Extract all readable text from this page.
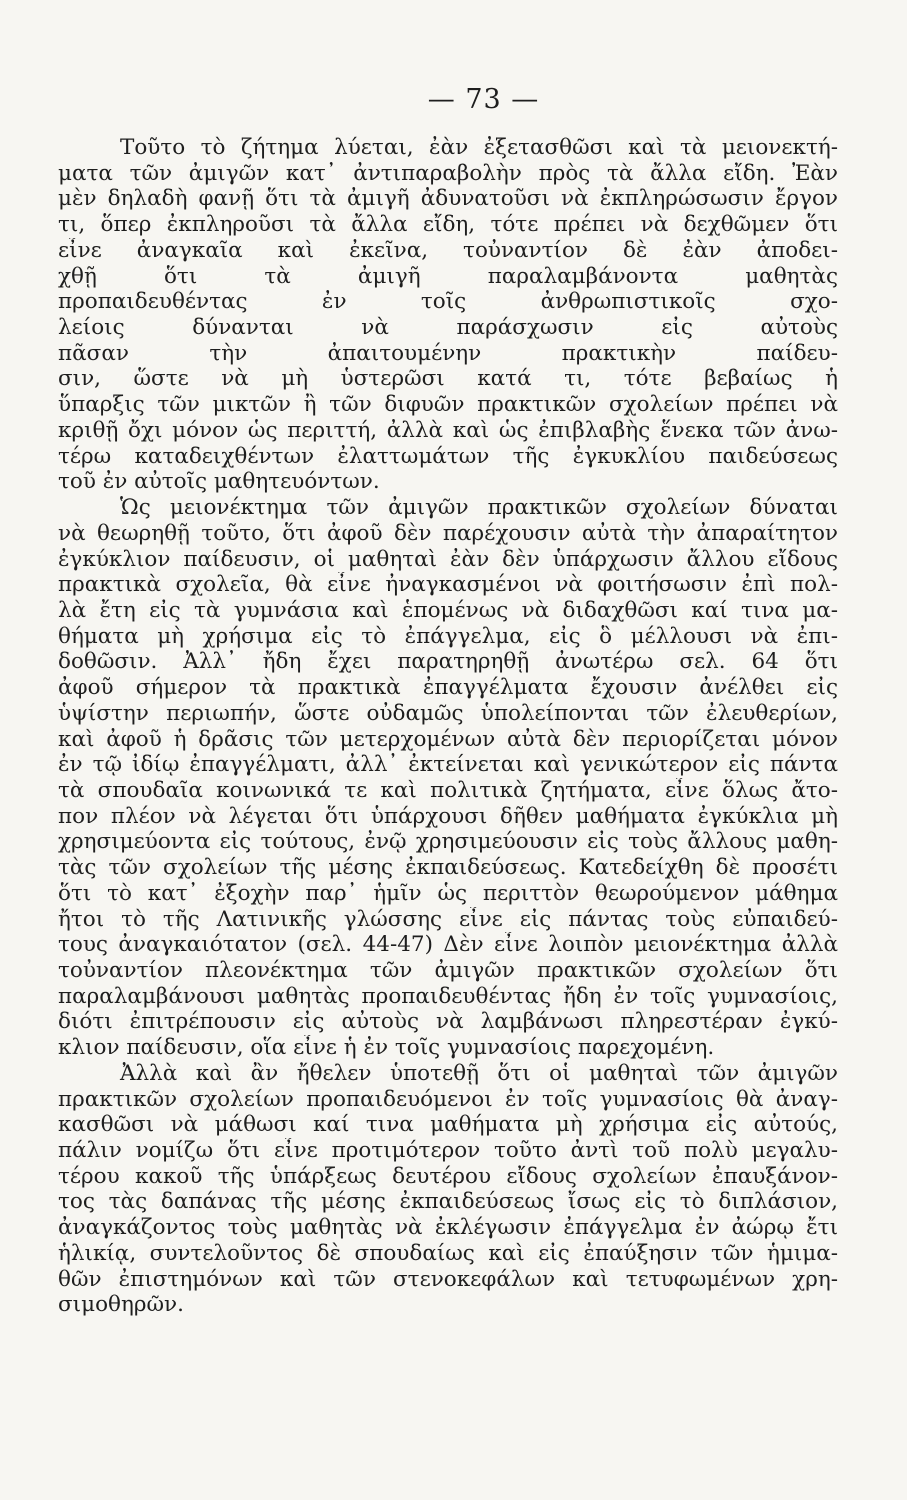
— 73 —
Τοῦτο τὸ ζήτημα λύεται, ἐὰν ἐξετασθῶσι καὶ τὰ μειονεκτή-
ματα τῶν ἀμιγῶν κατ᾽ ἀντιπαραβολὴν πρὸς τὰ ἄλλα εἴδη. Ἐὰν
μὲν δηλαδὴ φανῇ ὅτι τὰ ἀμιγῆ ἀδυνατοῦσι νὰ ἐκπληρώσωσιν ἔργον
τι, ὅπερ ἐκπληροῦσι τὰ ἄλλα εἴδη, τότε πρέπει νὰ δεχθῶμεν ὅτι
εἶνε ἀναγκαῖα καὶ ἐκεῖνα, τοὐναντίον δὲ ἐὰν ἀποδει-
χθῇ ὅτι τὰ ἀμιγῆ παραλαμβάνοντα μαθητὰς
προπαιδευθέντας ἐν τοῖς ἀνθρωπιστικοῖς σχο-
λείοις δύνανται νὰ παράσχωσιν εἰς αὐτοὺς
πᾶσαν τὴν ἀπαιτουμένην πρακτικὴν παίδευ-
σιν, ὥστε νὰ μὴ ὑστερῶσι κατά τι, τότε βεβαίως ἡ
ὕπαρξις τῶν μικτῶν ἢ τῶν διφυῶν πρακτικῶν σχολείων πρέπει νὰ
κριθῇ ὄχι μόνον ὡς περιττή, ἀλλὰ καὶ ὡς ἐπιβλαβὴς ἕνεκα τῶν ἀνω-
τέρω καταδειχθέντων ἐλαττωμάτων τῆς ἐγκυκλίου παιδεύσεως
τοῦ ἐν αὐτοῖς μαθητευόντων.
Ὡς μειονέκτημα τῶν ἀμιγῶν πρακτικῶν σχολείων δύναται
νὰ θεωρηθῇ τοῦτο, ὅτι ἀφοῦ δὲν παρέχουσιν αὐτὰ τὴν ἀπαραίτητον
ἐγκύκλιον παίδευσιν, οἱ μαθηταὶ ἐὰν δὲν ὑπάρχωσιν ἄλλου εἴδους
πρακτικὰ σχολεῖα, θὰ εἶνε ἠναγκασμένοι νὰ φοιτήσωσιν ἐπὶ πολ-
λὰ ἔτη εἰς τὰ γυμνάσια καὶ ἑπομένως νὰ διδαχθῶσι καί τινα μα-
θήματα μὴ χρήσιμα εἰς τὸ ἐπάγγελμα, εἰς ὃ μέλλουσι νὰ ἐπι-
δοθῶσιν. Ἀλλ᾽ ἤδη ἔχει παρατηρηθῇ ἀνωτέρω σελ. 64 ὅτι
ἀφοῦ σήμερον τὰ πρακτικὰ ἐπαγγέλματα ἔχουσιν ἀνέλθει εἰς
ὑψίστην περιωπήν, ὥστε οὐδαμῶς ὑπολείπονται τῶν ἐλευθερίων,
καὶ ἀφοῦ ἡ δρᾶσις τῶν μετερχομένων αὐτὰ δὲν περιορίζεται μόνον
ἐν τῷ ἰδίῳ ἐπαγγέλματι, ἀλλ᾽ ἐκτείνεται καὶ γενικώτερον εἰς πάντα
τὰ σπουδαῖα κοινωνικά τε καὶ πολιτικὰ ζητήματα, εἶνε ὅλως ἄτο-
πον πλέον νὰ λέγεται ὅτι ὑπάρχουσι δῆθεν μαθήματα ἐγκύκλια μὴ
χρησιμεύοντα εἰς τούτους, ἐνῷ χρησιμεύουσιν εἰς τοὺς ἄλλους μαθη-
τὰς τῶν σχολείων τῆς μέσης ἐκπαιδεύσεως. Κατεδείχθη δὲ προσέτι
ὅτι τὸ κατ᾽ ἐξοχὴν παρ᾽ ἡμῖν ὡς περιττὸν θεωρούμενον μάθημα
ἤτοι τὸ τῆς Λατινικῆς γλώσσης εἶνε εἰς πάντας τοὺς εὐπαιδεύ-
τους ἀναγκαιότατον (σελ. 44-47) Δὲν εἶνε λοιπὸν μειονέκτημα ἀλλὰ
τοὐναντίον πλεονέκτημα τῶν ἀμιγῶν πρακτικῶν σχολείων ὅτι
παραλαμβάνουσι μαθητὰς προπαιδευθέντας ἤδη ἐν τοῖς γυμνασίοις,
διότι ἐπιτρέπουσιν εἰς αὐτοὺς νὰ λαμβάνωσι πληρεστέραν ἐγκύ-
κλιον παίδευσιν, οἵα εἶνε ἡ ἐν τοῖς γυμνασίοις παρεχομένη.
Ἀλλὰ καὶ ἂν ἤθελεν ὑποτεθῇ ὅτι οἱ μαθηταὶ τῶν ἀμιγῶν
πρακτικῶν σχολείων προπαιδευόμενοι ἐν τοῖς γυμνασίοις θὰ ἀναγ-
κασθῶσι νὰ μάθωσι καί τινα μαθήματα μὴ χρήσιμα εἰς αὐτούς,
πάλιν νομίζω ὅτι εἶνε προτιμότερον τοῦτο ἀντὶ τοῦ πολὺ μεγαλυ-
τέρου κακοῦ τῆς ὑπάρξεως δευτέρου εἴδους σχολείων ἐπαυξάνον-
τος τὰς δαπάνας τῆς μέσης ἐκπαιδεύσεως ἴσως εἰς τὸ διπλάσιον,
ἀναγκάζοντος τοὺς μαθητὰς νὰ ἐκλέγωσιν ἐπάγγελμα ἐν ἀώρῳ ἔτι
ἡλικίᾳ, συντελοῦντος δὲ σπουδαίως καὶ εἰς ἐπαύξησιν τῶν ἡμιμα-
θῶν ἐπιστημόνων καὶ τῶν στενοκεφάλων καὶ τετυφωμένων χρη-
σιμοθηρῶν.
